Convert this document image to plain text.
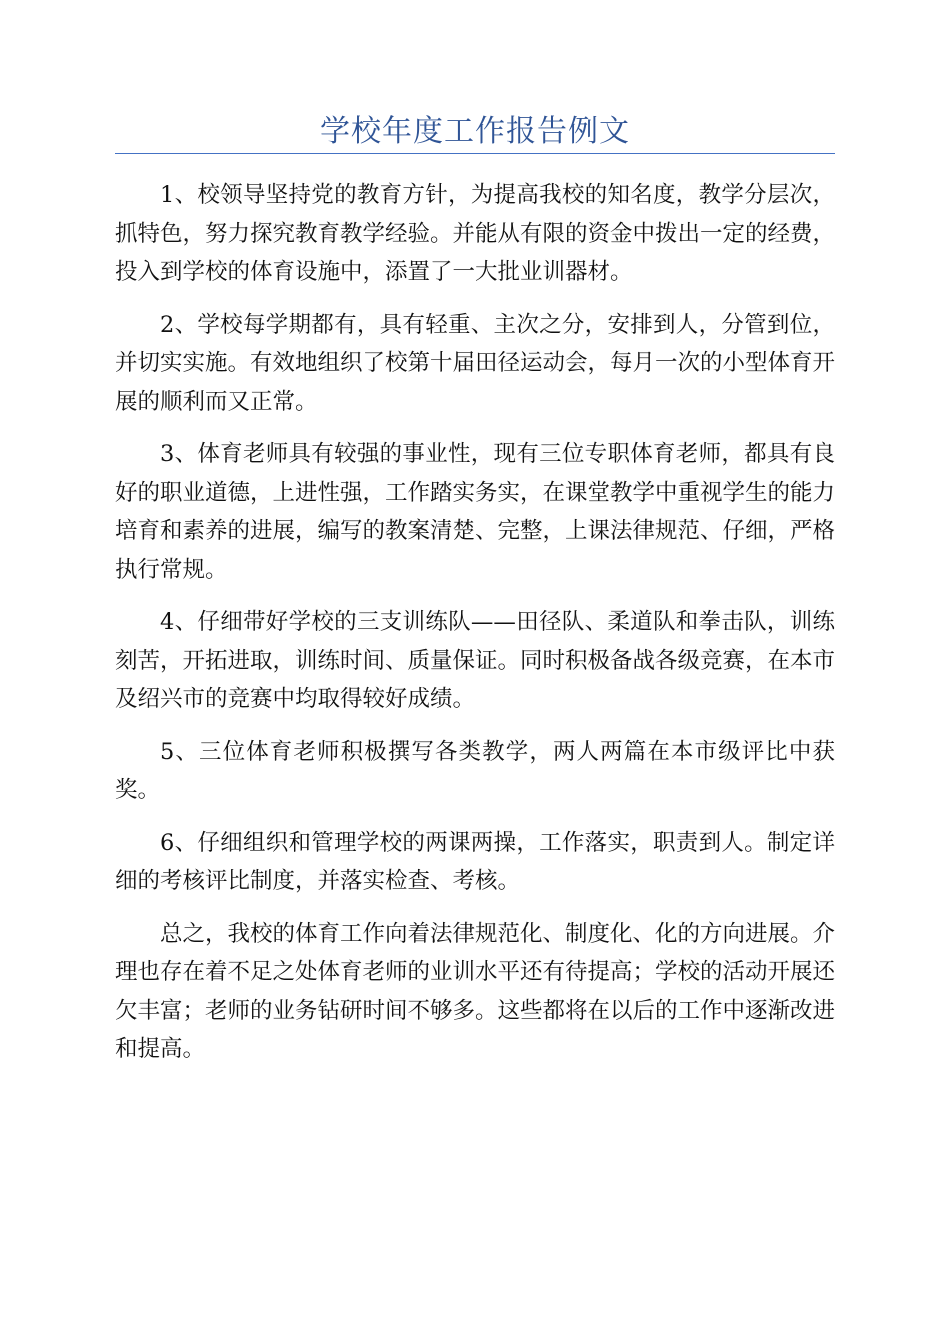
学校年度工作报告例文

1、校领导坚持党的教育方针，为提高我校的知名度，教学分层次，抓特色，努力探究教育教学经验。并能从有限的资金中拨出一定的经费，投入到学校的体育设施中，添置了一大批业训器材。

2、学校每学期都有，具有轻重、主次之分，安排到人，分管到位，并切实实施。有效地组织了校第十届田径运动会，每月一次的小型体育开展的顺利而又正常。

3、体育老师具有较强的事业性，现有三位专职体育老师，都具有良好的职业道德，上进性强，工作踏实务实，在课堂教学中重视学生的能力培育和素养的进展，编写的教案清楚、完整，上课法律规范、仔细，严格执行常规。

4、仔细带好学校的三支训练队——田径队、柔道队和拳击队，训练刻苦，开拓进取，训练时间、质量保证。同时积极备战各级竞赛，在本市及绍兴市的竞赛中均取得较好成绩。

5、三位体育老师积极撰写各类教学，两人两篇在本市级评比中获奖。

6、仔细组织和管理学校的两课两操，工作落实，职责到人。制定详细的考核评比制度，并落实检查、考核。

总之，我校的体育工作向着法律规范化、制度化、化的方向进展。介理也存在着不足之处体育老师的业训水平还有待提高；学校的活动开展还欠丰富；老师的业务钻研时间不够多。这些都将在以后的工作中逐渐改进和提高。
